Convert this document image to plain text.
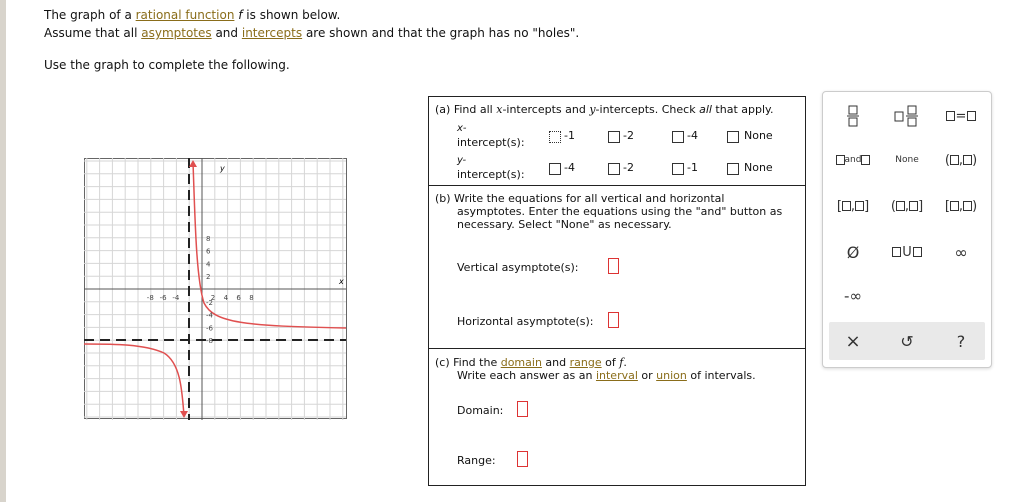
The graph of a rational function f is shown below.
Assume that all asymptotes and intercepts are shown and that the graph has no "holes".
Use the graph to complete the following.
x
y
-8 -6 -4	2 4 6 8
8
6
4
2
-2
-6
-8
-4
(a) Find all x-intercepts and y-intercepts. Check all that apply.
x-
intercept(s):
-1	-2	-4	None
y-
intercept(s):
-4	-2	-1	None
(b) Write the equations for all vertical and horizontal
asymptotes. Enter the equations using the "and" button as
necessary. Select "None" as necessary.
Vertical asymptote(s):
Horizontal asymptote(s):
(c) Find the domain and range of f.
Write each answer as an interval or union of intervals.
Domain:
Range:
=
and	None	( , )
[ , ] ( , ] [ , )
Ø	U	∞
-∞
×	↺	?
